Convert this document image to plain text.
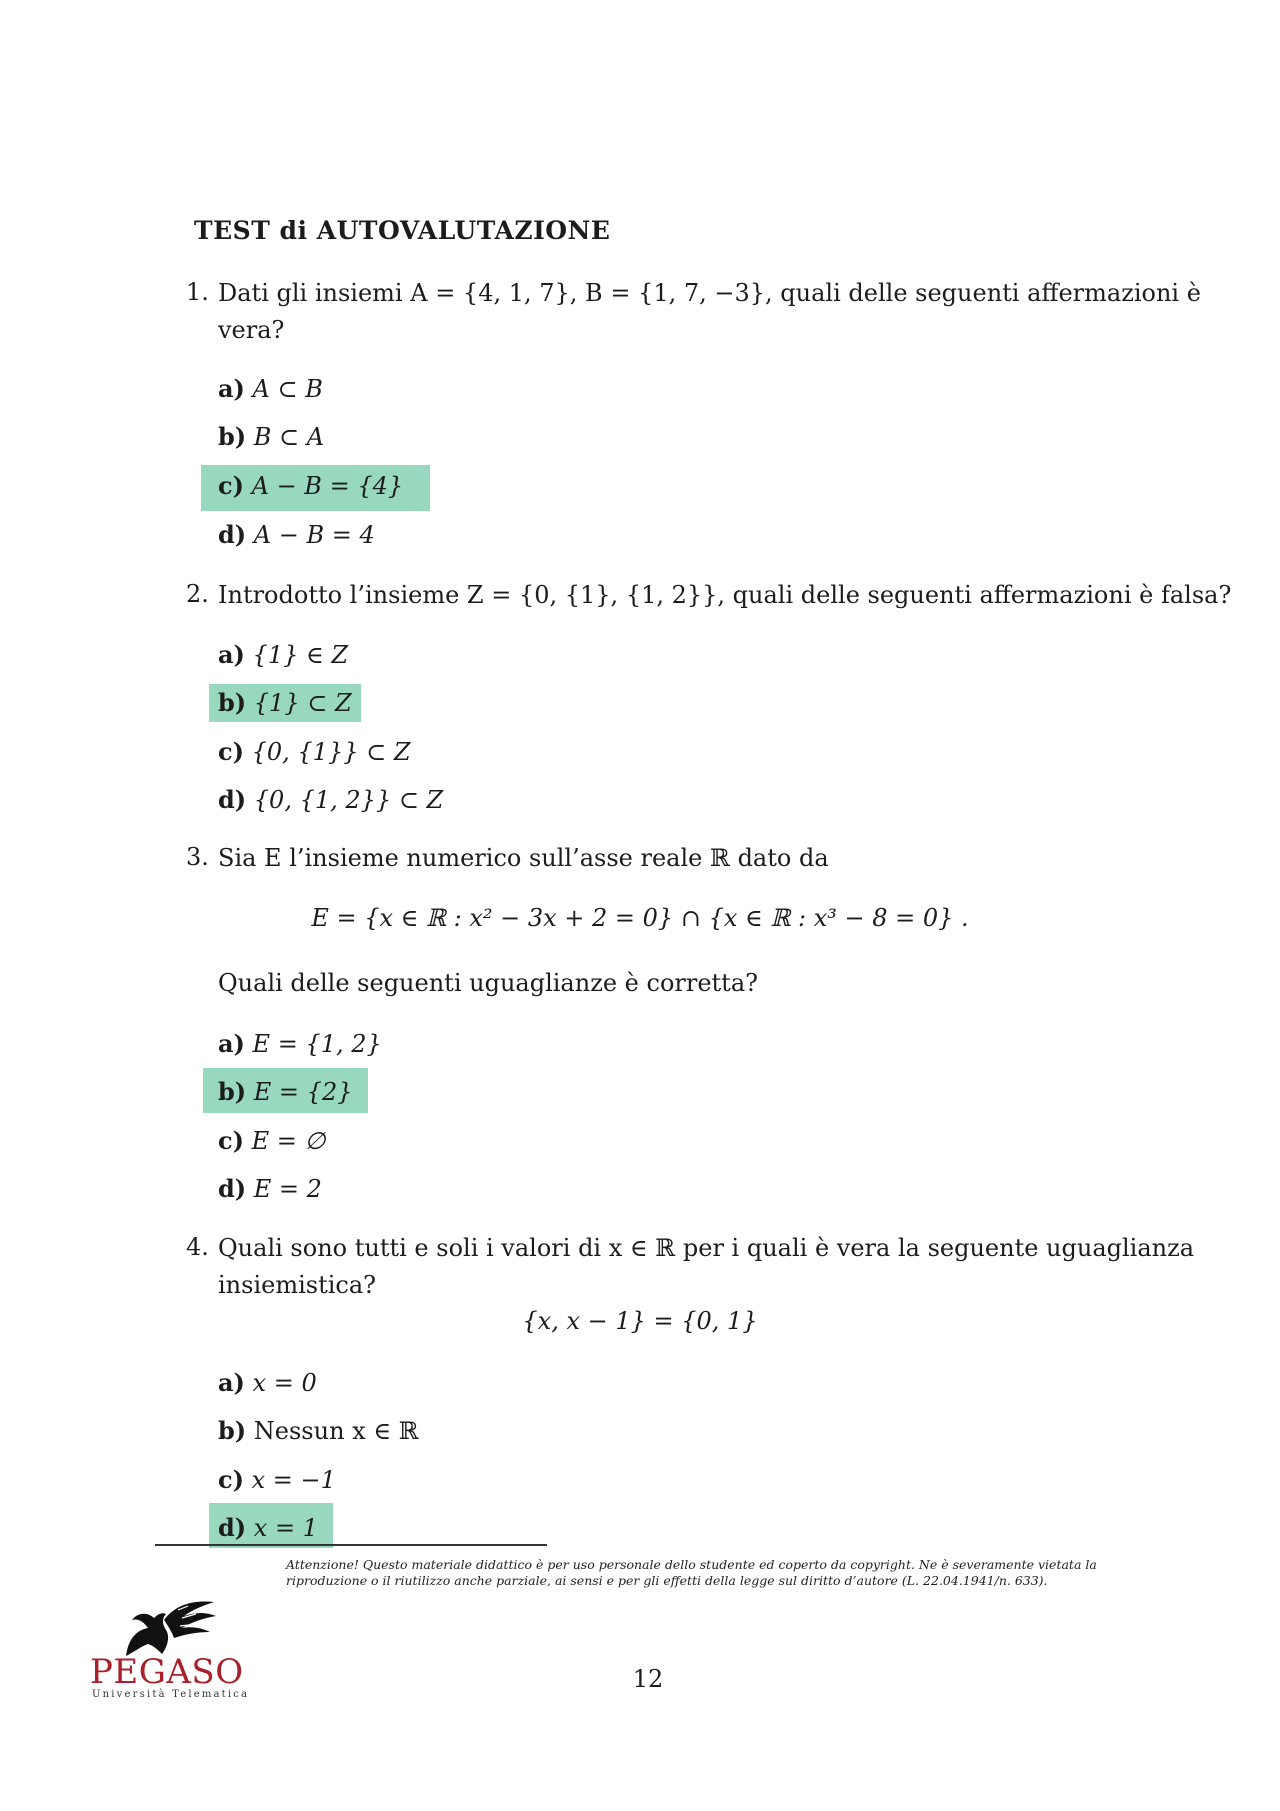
TEST di AUTOVALUTAZIONE
1. Dati gli insiemi A = {4, 1, 7}, B = {1, 7, −3}, quali delle seguenti affermazioni è
vera?
a) A ⊂ B
b) B ⊂ A
c) A − B = {4}
d) A − B = 4
2. Introdotto l’insieme Z = {0, {1}, {1, 2}}, quali delle seguenti affermazioni è falsa?
a) {1} ∈ Z
b) {1} ⊂ Z
c) {0, {1}} ⊂ Z
d) {0, {1, 2}} ⊂ Z
3. Sia E l’insieme numerico sull’asse reale ℝ dato da
E = {x ∈ ℝ : x² − 3x + 2 = 0} ∩ {x ∈ ℝ : x³ − 8 = 0} .
Quali delle seguenti uguaglianze è corretta?
a) E = {1, 2}
b) E = {2}
c) E = ∅
d) E = 2
4. Quali sono tutti e soli i valori di x ∈ ℝ per i quali è vera la seguente uguaglianza
insiemistica?
{x, x − 1} = {0, 1}
a) x = 0
b) Nessun x ∈ ℝ
c) x = −1
d) x = 1
Attenzione! Questo materiale didattico è per uso personale dello studente ed coperto da copyright. Ne è severamente vietata la riproduzione o il riutilizzo anche parziale, ai sensi e per gli effetti della legge sul diritto d’autore (L. 22.04.1941/n. 633).
PEGASO
Università Telematica
12
